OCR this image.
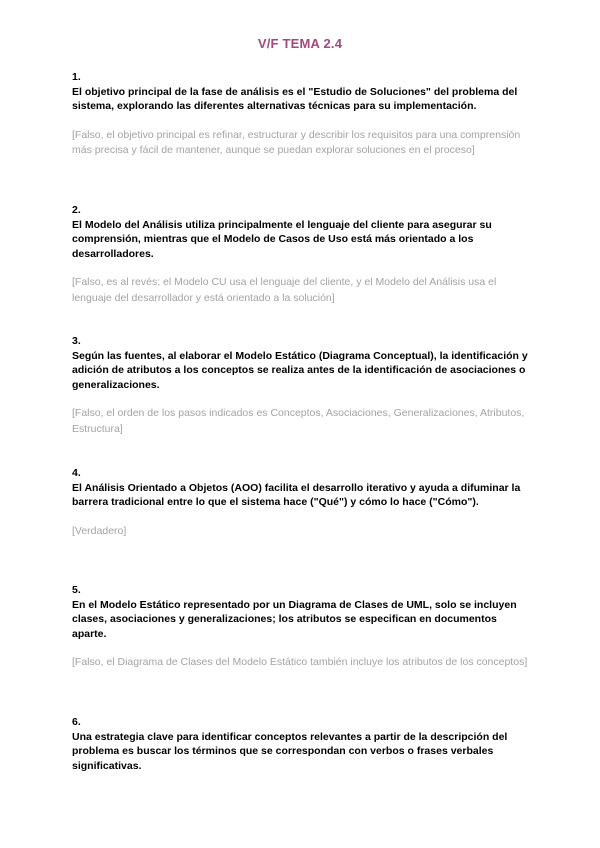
V/F TEMA 2.4
1.
El objetivo principal de la fase de análisis es el "Estudio de Soluciones" del problema del sistema, explorando las diferentes alternativas técnicas para su implementación.
[Falso, el objetivo principal es refinar, estructurar y describir los requisitos para una comprensión más precisa y fácil de mantener, aunque se puedan explorar soluciones en el proceso]
2.
El Modelo del Análisis utiliza principalmente el lenguaje del cliente para asegurar su comprensión, mientras que el Modelo de Casos de Uso está más orientado a los desarrolladores.
[Falso, es al revés; el Modelo CU usa el lenguaje del cliente, y el Modelo del Análisis usa el lenguaje del desarrollador y está orientado a la solución]
3.
Según las fuentes, al elaborar el Modelo Estático (Diagrama Conceptual), la identificación y adición de atributos a los conceptos se realiza antes de la identificación de asociaciones o generalizaciones.
[Falso, el orden de los pasos indicados es Conceptos, Asociaciones, Generalizaciones, Atributos, Estructura]
4.
El Análisis Orientado a Objetos (AOO) facilita el desarrollo iterativo y ayuda a difuminar la barrera tradicional entre lo que el sistema hace ("Qué") y cómo lo hace ("Cómo").
[Verdadero]
5.
En el Modelo Estático representado por un Diagrama de Clases de UML, solo se incluyen clases, asociaciones y generalizaciones; los atributos se especifican en documentos aparte.
[Falso, el Diagrama de Clases del Modelo Estático también incluye los atributos de los conceptos]
6.
Una estrategia clave para identificar conceptos relevantes a partir de la descripción del problema es buscar los términos que se correspondan con verbos o frases verbales significativas.
